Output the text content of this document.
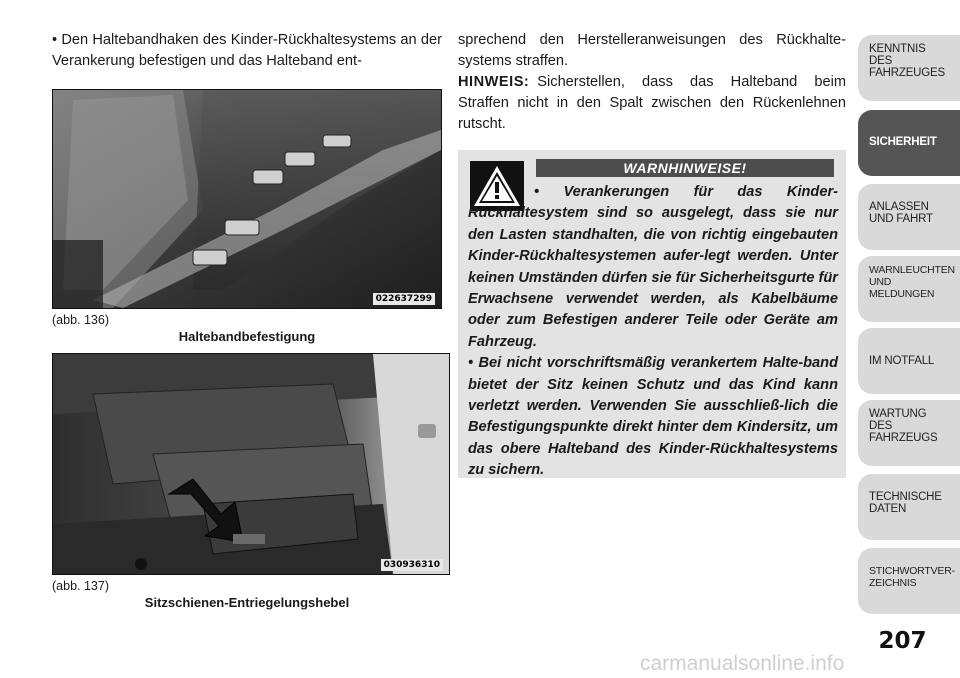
• Den Haltebandhaken des Kinder-Rückhaltesystems an der Verankerung befestigen und das Halteband ent-

022637299
(abb. 136)
Haltebandbefestigung
030936310
(abb. 137)
Sitzschienen-Entriegelungshebel

sprechend den Herstelleranweisungen des Rückhalte-systems straffen.

HINWEIS: Sicherstellen, dass das Halteband beim Straffen nicht in den Spalt zwischen den Rückenlehnen rutscht.

WARNHINWEISE!

• Verankerungen für das Kinder-Rückhaltesystem sind so ausgelegt, dass sie nur den Lasten standhalten, die von richtig eingebauten Kinder-Rückhaltesystemen aufer-legt werden. Unter keinen Umständen dürfen sie für Sicherheitsgurte für Erwachsene verwendet werden, als Kabelbäume oder zum Befestigen anderer Teile oder Geräte am Fahrzeug.
• Bei nicht vorschriftsmäßig verankertem Halte-band bietet der Sitz keinen Schutz und das Kind kann verletzt werden. Verwenden Sie ausschließ-lich die Befestigungspunkte direkt hinter dem Kindersitz, um das obere Halteband des Kinder-Rückhaltesystems zu sichern.

KENNTNIS
DES
FAHRZEUGES
SICHERHEIT
ANLASSEN
UND FAHRT
WARNLEUCHTEN
UND
MELDUNGEN
IM NOTFALL
WARTUNG
DES
FAHRZEUGS
TECHNISCHE
DATEN
STICHWORTVER-
ZEICHNIS
207
carmanualsonline.info
